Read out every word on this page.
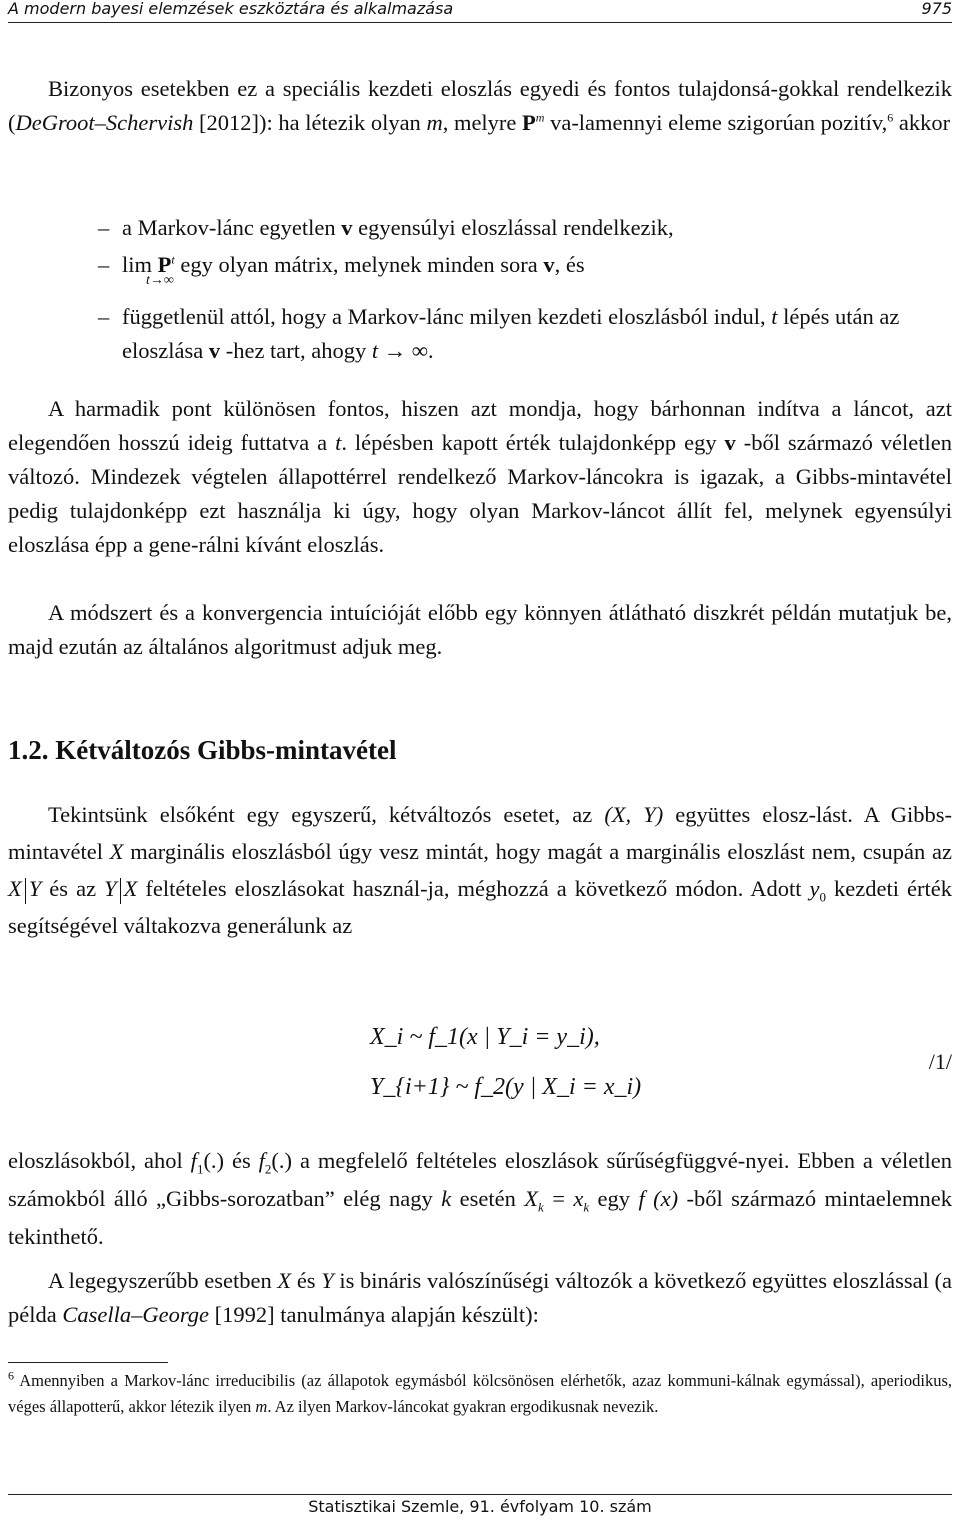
A modern bayesi elemzések eszköztára és alkalmazása	975

Bizonyos esetekben ez a speciális kezdeti eloszlás egyedi és fontos tulajdonsá-gokkal rendelkezik (DeGroot–Schervish [2012]): ha létezik olyan m, melyre $P^m$ va-lamennyi eleme szigorúan pozitív,$^6$ akkor

– a Markov-lánc egyetlen v egyensúlyi eloszlással rendelkezik,

– $\lim P^t$ egy olyan mátrix, melynek minden sora v, és

t→∞

– függetlenül attól, hogy a Markov-lánc milyen kezdeti eloszlásból indul, t lépés után az eloszlása v -hez tart, ahogy t → ∞.

A harmadik pont különösen fontos, hiszen azt mondja, hogy bárhonnan indítva a láncot, azt elegendően hosszú ideig futtatva a t. lépésben kapott érték tulajdonképp egy v -ből származó véletlen változó. Mindezek végtelen állapottérrel rendelkező Markov-láncokra is igazak, a Gibbs-mintavétel pedig tulajdonképp ezt használja ki úgy, hogy olyan Markov-láncot állít fel, melynek egyensúlyi eloszlása épp a gene-rálni kívánt eloszlás.

A módszert és a konvergencia intuícióját előbb egy könnyen átlátható diszkrét példán mutatjuk be, majd ezután az általános algoritmust adjuk meg.

1.2. Kétváltozós Gibbs-mintavétel

Tekintsünk elsőként egy egyszerű, kétváltozós esetet, az (X, Y) együttes elosz-lást. A Gibbs-mintavétel X marginális eloszlásból úgy vesz mintát, hogy magát a marginális eloszlást nem, csupán az X Y és az Y X feltételes eloszlásokat használ-ja, méghozzá a következő módon. Adott $y_0$ kezdeti érték segítségével váltakozva generálunk az

X_i ~ f_1(x | Y_i = y_i),
Y_{i+1} ~ f_2(y | X_i = x_i)
/1/

eloszlásokból, ahol $f_1(.)$ és $f_2(.)$ a megfelelő feltételes eloszlások sűrűségfüggvé-nyei. Ebben a véletlen számokból álló „Gibbs-sorozatban” elég nagy k esetén $X_k = x_k$ egy f (x) -ből származó mintaelemnek tekinthető.

A legegyszerűbb esetben X és Y is bináris valószínűségi változók a következő együttes eloszlással (a példa Casella–George [1992] tanulmánya alapján készült):

$^6$ Amennyiben a Markov-lánc irreducibilis (az állapotok egymásból kölcsönösen elérhetők, azaz kommuni-kálnak egymással), aperiodikus, véges állapotterű, akkor létezik ilyen m. Az ilyen Markov-láncokat gyakran ergodikusnak nevezik.

Statisztikai Szemle, 91. évfolyam 10. szám
